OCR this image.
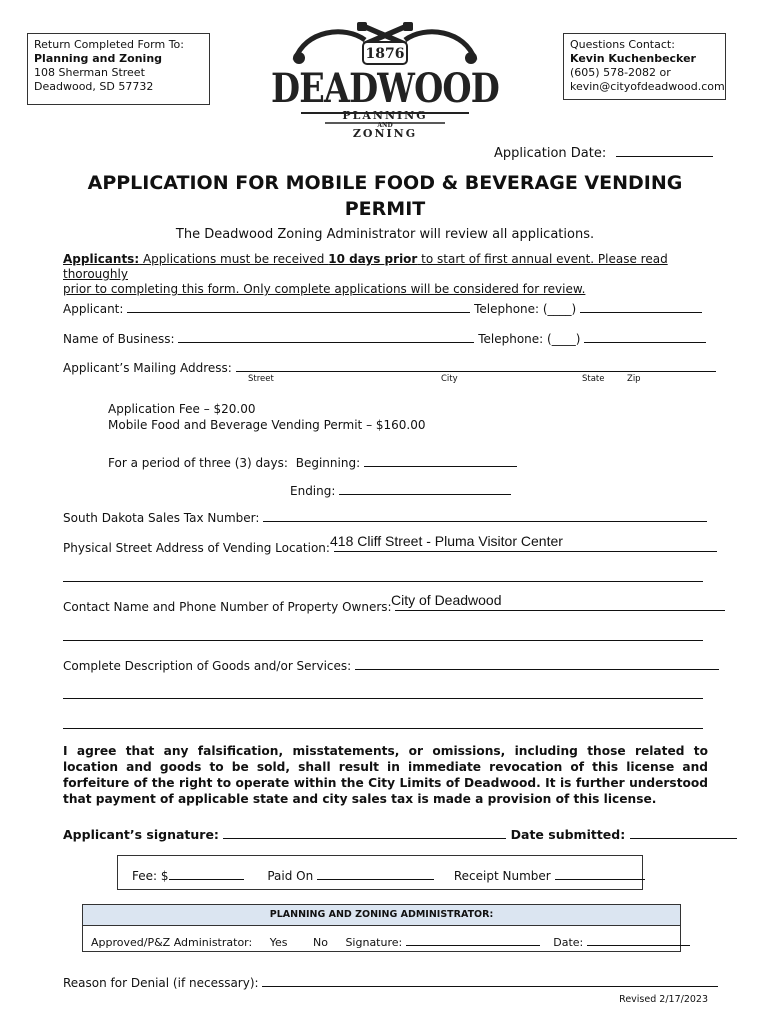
Return Completed Form To:
Planning and Zoning
108 Sherman Street
Deadwood, SD 57732
1876
DEADWOOD
PLANNING
AND
ZONING
Questions Contact:
Kevin Kuchenbecker
(605) 578-2082 or
kevin@cityofdeadwood.com
Application Date:
APPLICATION FOR MOBILE FOOD & BEVERAGE VENDING
PERMIT
The Deadwood Zoning Administrator will review all applications.
Applicants: Applications must be received 10 days prior to start of first annual event. Please read thoroughly
prior to completing this form. Only complete applications will be considered for review.
Applicant:	Telephone: (____)
Name of Business:	Telephone: (____)
Applicant’s Mailing Address:
Street	City	State	Zip
Application Fee – $20.00
Mobile Food and Beverage Vending Permit – $160.00
For a period of three (3) days: Beginning:
Ending:
South Dakota Sales Tax Number:
Physical Street Address of Vending Location: 418 Cliff Street - Pluma Visitor Center
Contact Name and Phone Number of Property Owners: City of Deadwood
Complete Description of Goods and/or Services:
I agree that any falsification, misstatements, or omissions, including those related to location and goods to be sold, shall result in immediate revocation of this license and forfeiture of the right to operate within the City Limits of Deadwood. It is further understood that payment of applicable state and city sales tax is made a provision of this license.
Applicant’s signature:	Date submitted:
Fee: $	Paid On	Receipt Number
PLANNING AND ZONING ADMINISTRATOR:
Approved/P&Z Administrator: Yes No Signature:	Date:
Reason for Denial (if necessary):
Revised 2/17/2023
